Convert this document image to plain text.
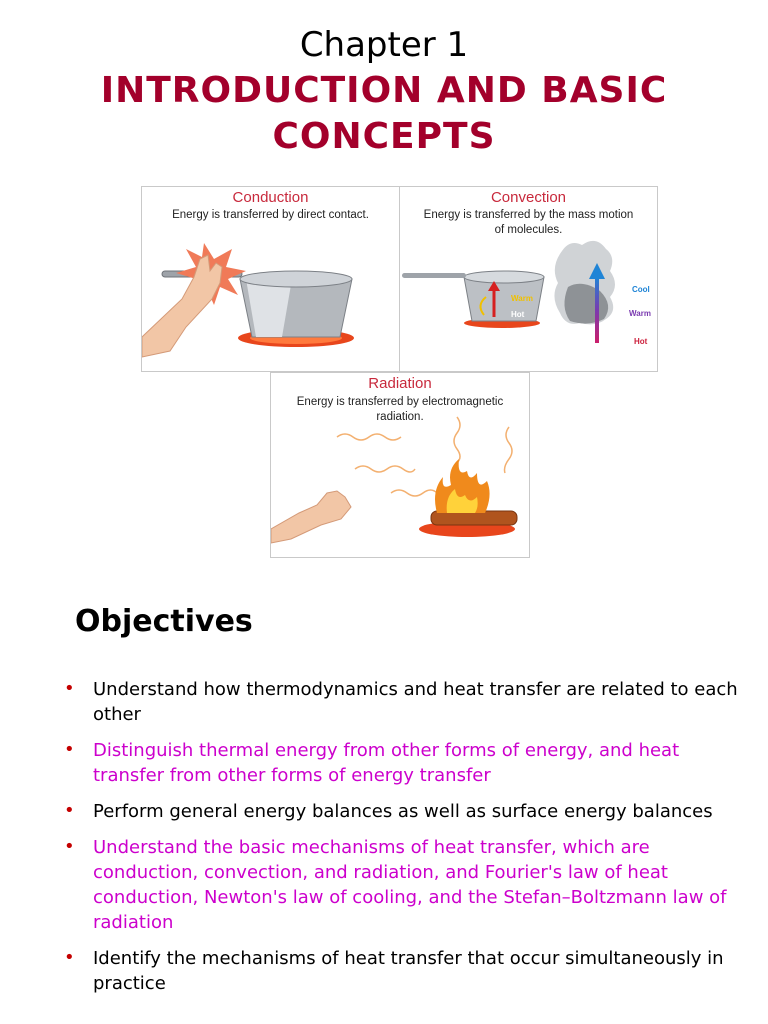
Chapter 1
INTRODUCTION AND BASIC
CONCEPTS
Conduction
Energy is transferred by direct contact.
Convection
Energy is transferred by the mass motion
of molecules.
Warm
Hot
Cool
Warm
Hot
Radiation
Energy is transferred by electromagnetic
radiation.
Objectives
• Understand how thermodynamics and heat transfer are related to each other
• Distinguish thermal energy from other forms of energy, and heat transfer from other forms of energy transfer
• Perform general energy balances as well as surface energy balances
• Understand the basic mechanisms of heat transfer, which are conduction, convection, and radiation, and Fourier's law of heat conduction, Newton's law of cooling, and the Stefan–Boltzmann law of radiation
• Identify the mechanisms of heat transfer that occur simultaneously in practice
